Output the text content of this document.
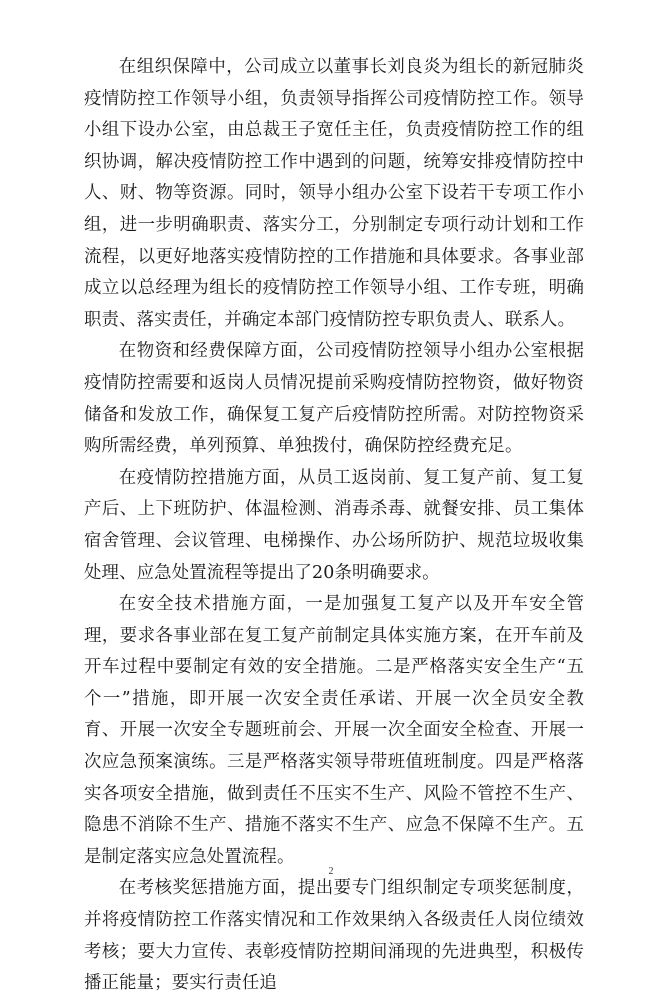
在组织保障中，公司成立以董事长刘良炎为组长的新冠肺炎疫情防控工作领导小组，负责领导指挥公司疫情防控工作。领导小组下设办公室，由总裁王子宽任主任，负责疫情防控工作的组织协调，解决疫情防控工作中遇到的问题，统筹安排疫情防控中人、财、物等资源。同时，领导小组办公室下设若干专项工作小组，进一步明确职责、落实分工，分别制定专项行动计划和工作流程，以更好地落实疫情防控的工作措施和具体要求。各事业部成立以总经理为组长的疫情防控工作领导小组、工作专班，明确职责、落实责任，并确定本部门疫情防控专职负责人、联系人。

在物资和经费保障方面，公司疫情防控领导小组办公室根据疫情防控需要和返岗人员情况提前采购疫情防控物资，做好物资储备和发放工作，确保复工复产后疫情防控所需。对防控物资采购所需经费，单列预算、单独拨付，确保防控经费充足。

在疫情防控措施方面，从员工返岗前、复工复产前、复工复产后、上下班防护、体温检测、消毒杀毒、就餐安排、员工集体宿舍管理、会议管理、电梯操作、办公场所防护、规范垃圾收集处理、应急处置流程等提出了20条明确要求。

在安全技术措施方面，一是加强复工复产以及开车安全管理，要求各事业部在复工复产前制定具体实施方案，在开车前及开车过程中要制定有效的安全措施。二是严格落实安全生产“五个一”措施，即开展一次安全责任承诺、开展一次全员安全教育、开展一次安全专题班前会、开展一次全面安全检查、开展一次应急预案演练。三是严格落实领导带班值班制度。四是严格落实各项安全措施，做到责任不压实不生产、风险不管控不生产、隐患不消除不生产、措施不落实不生产、应急不保障不生产。五是制定落实应急处置流程。

在考核奖惩措施方面，提出要专门组织制定专项奖惩制度，并将疫情防控工作落实情况和工作效果纳入各级责任人岗位绩效考核；要大力宣传、表彰疫情防控期间涌现的先进典型，积极传播正能量；要实行责任追

2
